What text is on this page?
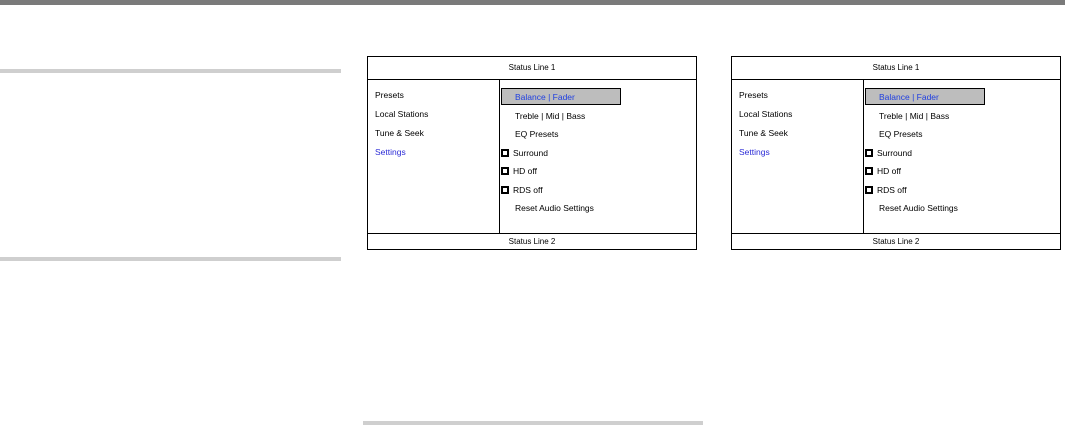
Status Line 1
Presets
Local Stations
Tune & Seek
Settings
Balance | Fader
Treble | Mid | Bass
EQ Presets
Surround
HD off
RDS off
Reset Audio Settings
Status Line 2
Status Line 1
Presets
Local Stations
Tune & Seek
Settings
Balance | Fader
Treble | Mid | Bass
EQ Presets
Surround
HD off
RDS off
Reset Audio Settings
Status Line 2
